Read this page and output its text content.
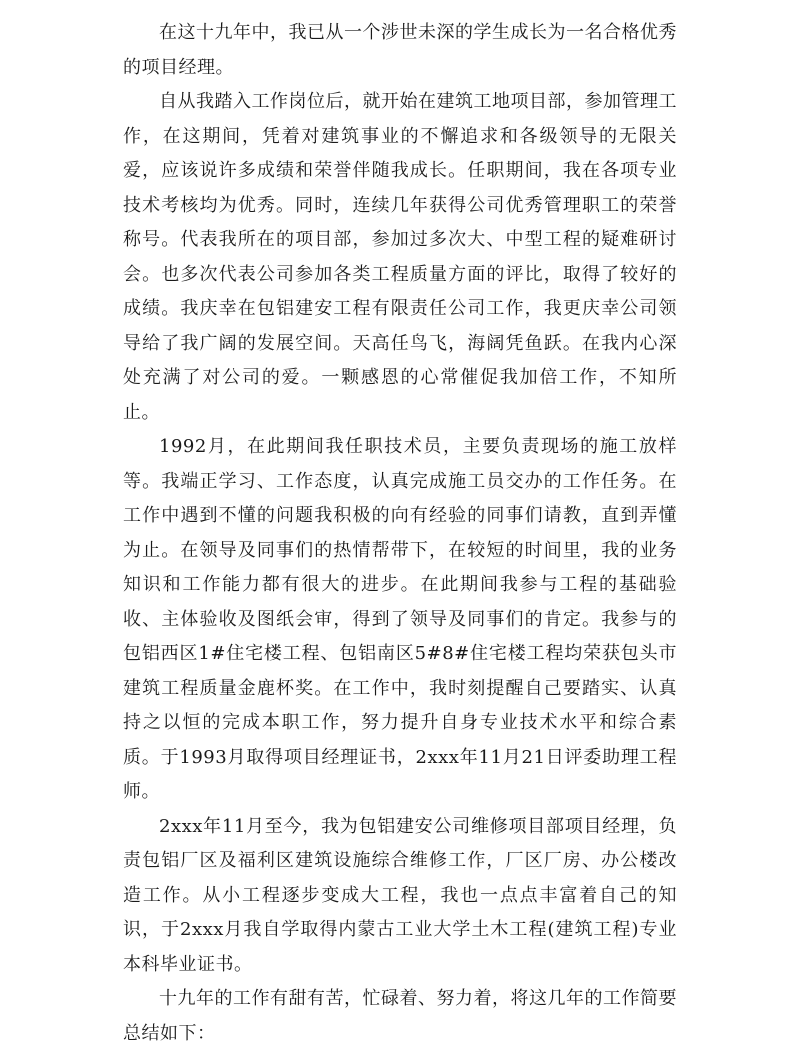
在这十九年中，我已从一个涉世未深的学生成长为一名合格优秀的项目经理。

自从我踏入工作岗位后，就开始在建筑工地项目部，参加管理工作，在这期间，凭着对建筑事业的不懈追求和各级领导的无限关爱，应该说许多成绩和荣誉伴随我成长。任职期间，我在各项专业技术考核均为优秀。同时，连续几年获得公司优秀管理职工的荣誉称号。代表我所在的项目部，参加过多次大、中型工程的疑难研讨会。也多次代表公司参加各类工程质量方面的评比，取得了较好的成绩。我庆幸在包铝建安工程有限责任公司工作，我更庆幸公司领导给了我广阔的发展空间。天高任鸟飞，海阔凭鱼跃。在我内心深处充满了对公司的爱。一颗感恩的心常催促我加倍工作，不知所止。

1992月，在此期间我任职技术员，主要负责现场的施工放样等。我端正学习、工作态度，认真完成施工员交办的工作任务。在工作中遇到不懂的问题我积极的向有经验的同事们请教，直到弄懂为止。在领导及同事们的热情帮带下，在较短的时间里，我的业务知识和工作能力都有很大的进步。在此期间我参与工程的基础验收、主体验收及图纸会审，得到了领导及同事们的肯定。我参与的包铝西区1#住宅楼工程、包铝南区5#8#住宅楼工程均荣获包头市建筑工程质量金鹿杯奖。在工作中，我时刻提醒自己要踏实、认真持之以恒的完成本职工作，努力提升自身专业技术水平和综合素质。于1993月取得项目经理证书，2xxx年11月21日评委助理工程师。

2xxx年11月至今，我为包铝建安公司维修项目部项目经理，负责包铝厂区及福利区建筑设施综合维修工作，厂区厂房、办公楼改造工作。从小工程逐步变成大工程，我也一点点丰富着自己的知识，于2xxx月我自学取得内蒙古工业大学土木工程(建筑工程)专业本科毕业证书。

十九年的工作有甜有苦，忙碌着、努力着，将这几年的工作简要总结如下：
